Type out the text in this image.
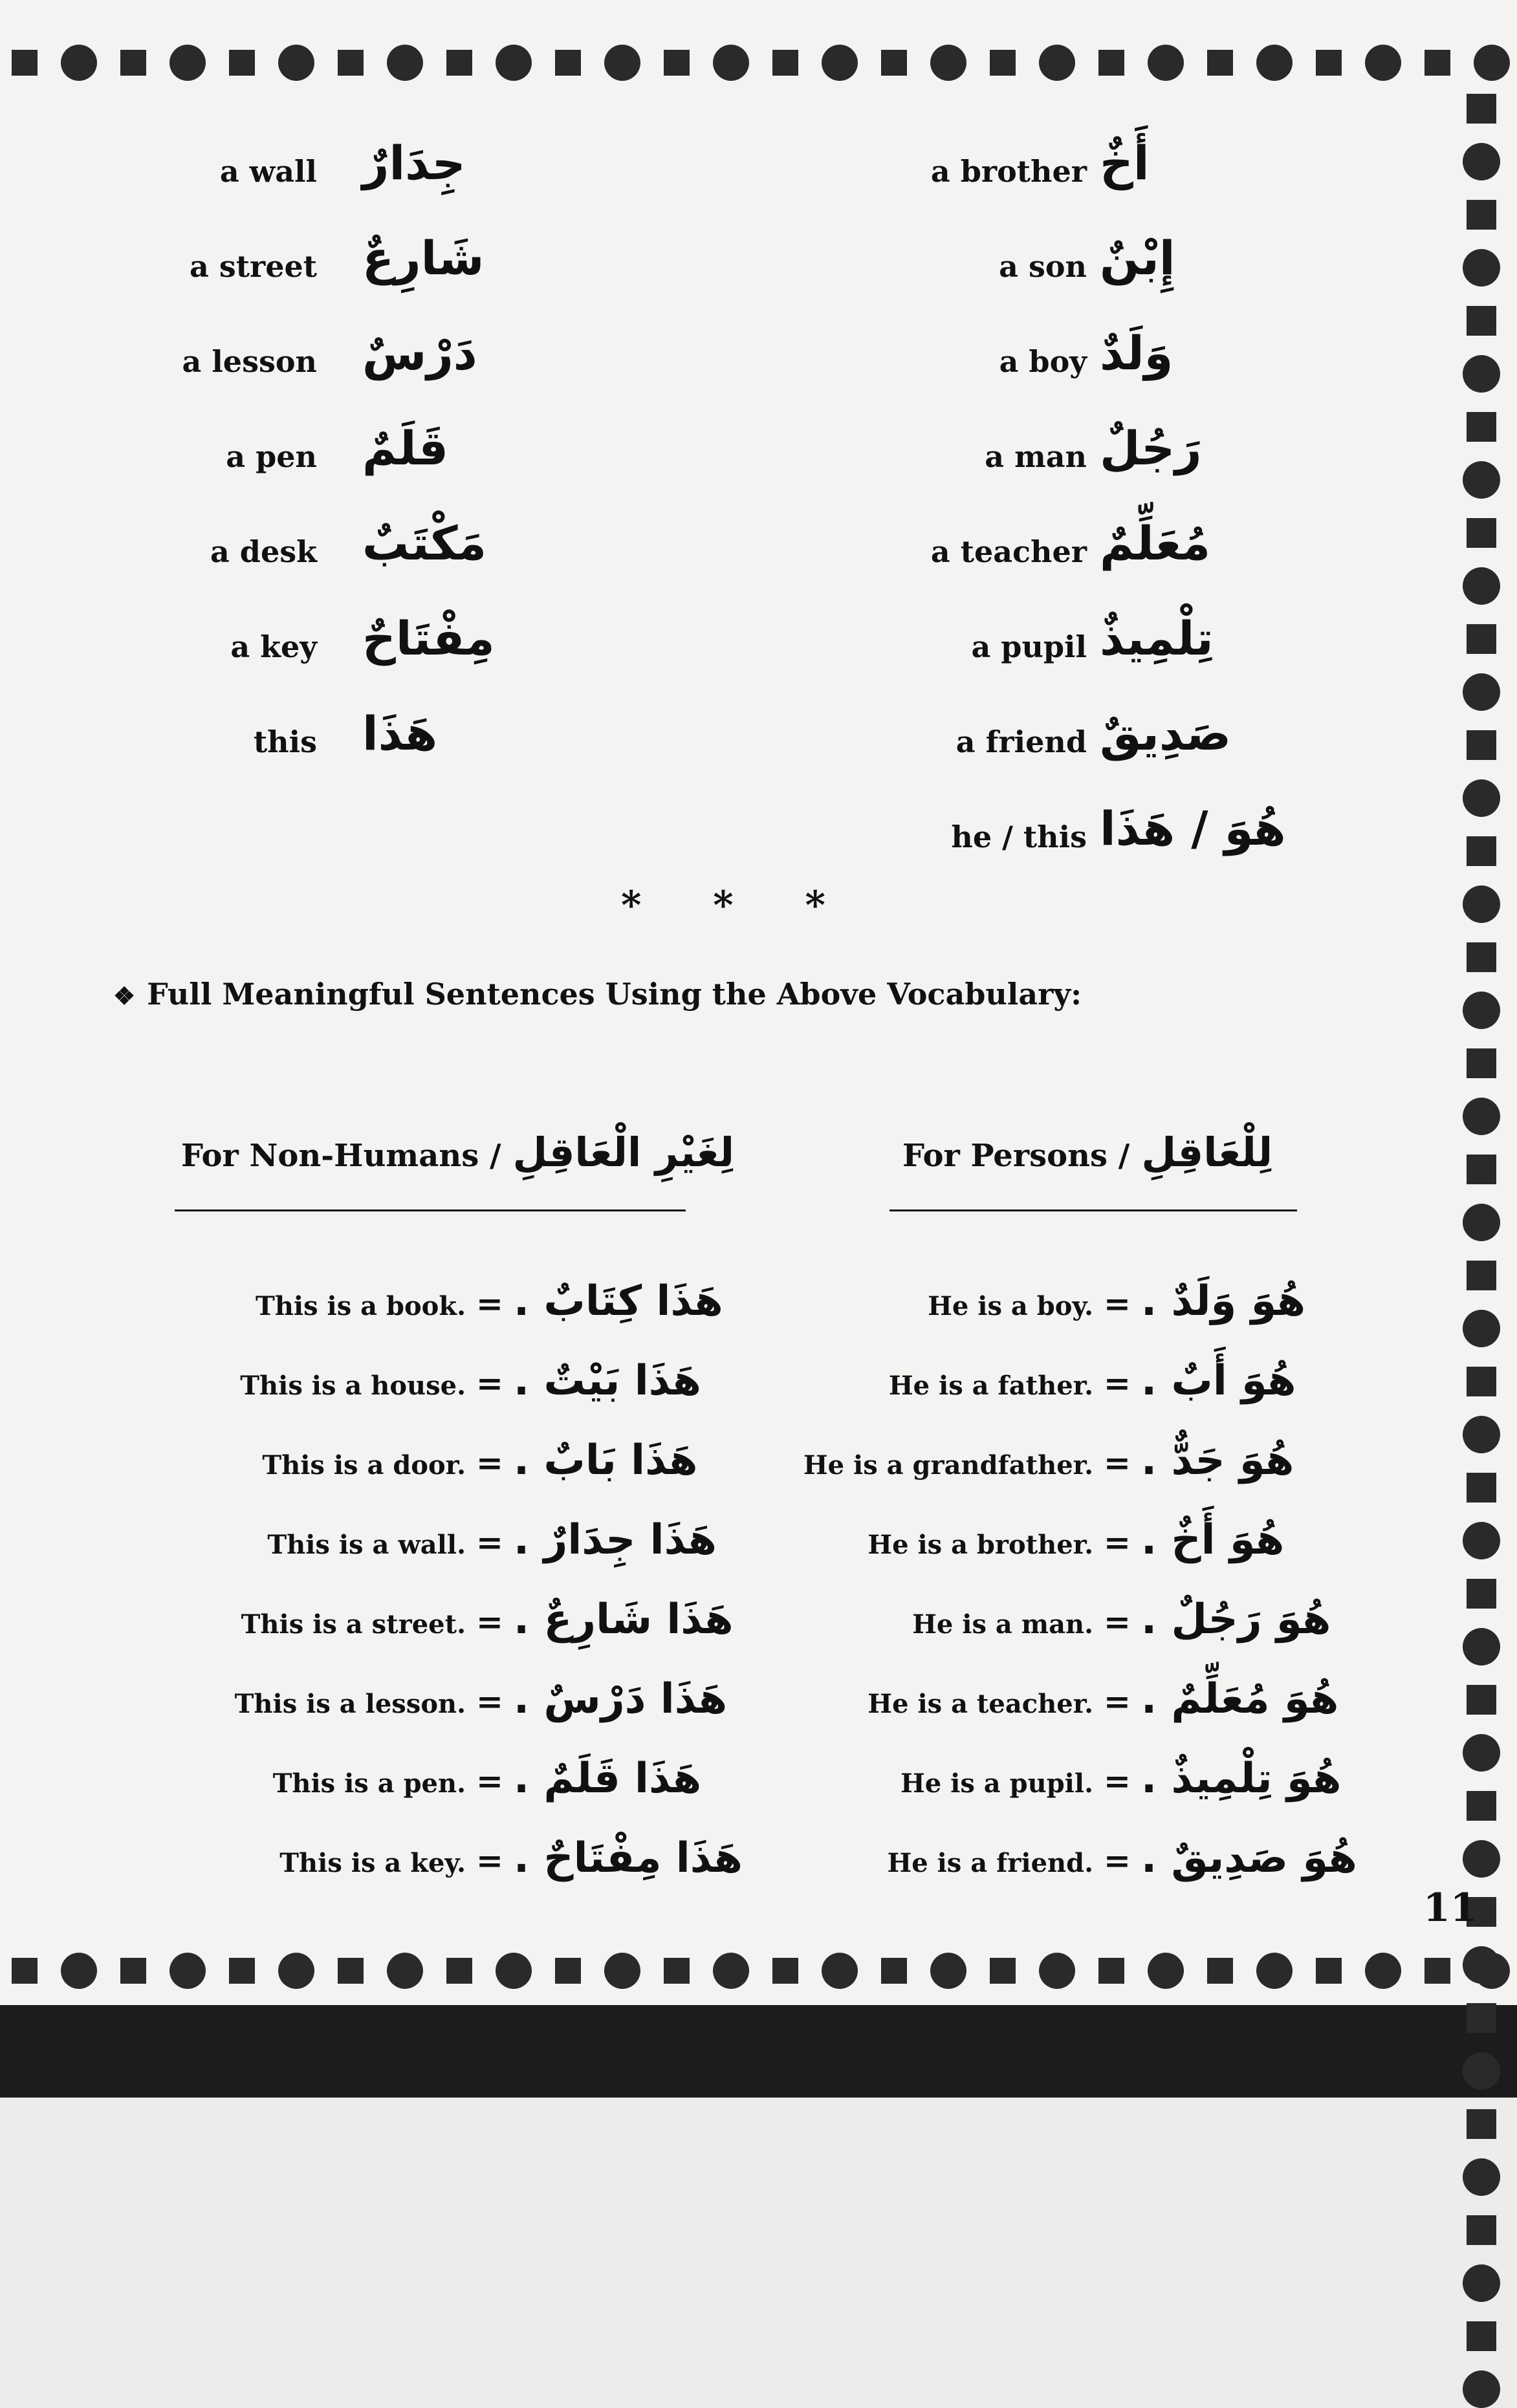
a wall جِدَارٌ
a street شَارِعٌ
a lesson دَرْسٌ
a pen قَلَمٌ
a desk مَكْتَبٌ
a key مِفْتَاحٌ
this هَذَا
a brother أَخٌ
a son إِبْنٌ
a boy وَلَدٌ
a man رَجُلٌ
a teacher مُعَلِّمٌ
a pupil تِلْمِيذٌ
a friend صَدِيقٌ
he / this هُوَ / هَذَا
* * *
❖ Full Meaningful Sentences Using the Above Vocabulary:
For Non-Humans / لِغَيْرِ الْعَاقِلِ	For Persons / لِلْعَاقِلِ
This is a book. = هَذَا كِتَابٌ .
This is a house. = هَذَا بَيْتٌ .
This is a door. = هَذَا بَابٌ .
This is a wall. = هَذَا جِدَارٌ .
This is a street. = هَذَا شَارِعٌ .
This is a lesson. = هَذَا دَرْسٌ .
This is a pen. = هَذَا قَلَمٌ .
This is a key. = هَذَا مِفْتَاحٌ .
He is a boy. = هُوَ وَلَدٌ .
He is a father. = هُوَ أَبٌ .
He is a grandfather. = هُوَ جَدٌّ .
He is a brother. = هُوَ أَخٌ .
He is a man. = هُوَ رَجُلٌ .
He is a teacher. = هُوَ مُعَلِّمٌ .
He is a pupil. = هُوَ تِلْمِيذٌ .
He is a friend. = هُوَ صَدِيقٌ .
11
